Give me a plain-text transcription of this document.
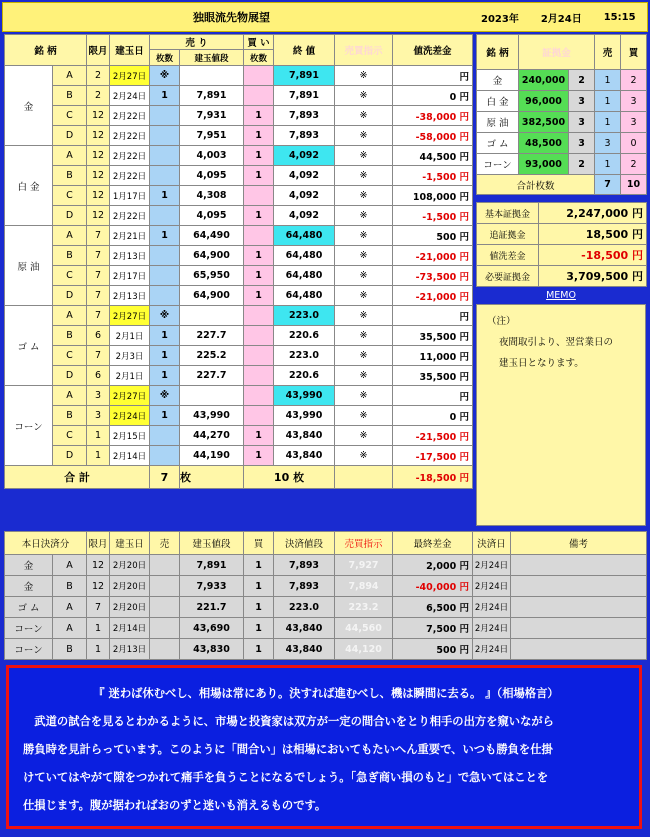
独眼流先物展望	2023年 2月24日 15:15
銘 柄		限月	建玉日	売 り		買 い	終 値	売買指示	値洗差金
				枚数	建玉値段	枚数			
金	A	2	2月27日	※			7,891	※	円
	B	2	2月24日	1	7,891		7,891	※	0 円
	C	12	2月22日		7,931	1	7,893	※	-38,000 円
	D	12	2月22日		7,951	1	7,893	※	-58,000 円
白 金	A	12	2月22日		4,003	1	4,092	※	44,500 円
	B	12	2月22日		4,095	1	4,092	※	-1,500 円
	C	12	1月17日	1	4,308		4,092	※	108,000 円
	D	12	2月22日		4,095	1	4,092	※	-1,500 円
原 油	A	7	2月21日	1	64,490		64,480	※	500 円
	B	7	2月13日		64,900	1	64,480	※	-21,000 円
	C	7	2月17日		65,950	1	64,480	※	-73,500 円
	D	7	2月13日		64,900	1	64,480	※	-21,000 円
ゴ ム	A	7	2月27日	※			223.0	※	円
	B	6	2月1日	1	227.7		220.6	※	35,500 円
	C	7	2月3日	1	225.2		223.0	※	11,000 円
	D	6	2月1日	1	227.7		220.6	※	35,500 円
コーン	A	3	2月27日	※			43,990	※	円
	B	3	2月24日	1	43,990		43,990	※	0 円
	C	1	2月15日		44,270	1	43,840	※	-21,500 円
	D	1	2月14日		44,190	1	43,840	※	-17,500 円
合 計				7	枚	10 枚			-18,500 円
銘 柄	証拠金		売	買
金	240,000	2	1	2
白 金	96,000	3	1	3
原 油	382,500	3	1	3
ゴ ム	48,500	3	3	0
コーン	93,000	2	1	2
合計枚数			7	10
基本証拠金	2,247,000 円
追証拠金	18,500 円
値洗差金	-18,500 円
必要証拠金	3,709,500 円
MEMO
（注）
夜間取引より、翌営業日の
建玉日となります。
本日決済分		限月	建玉日	売	建玉値段	買	決済値段	売買指示	最終差金	決済日	備考
金	A	12	2月20日		7,891	1	7,893	7,927	2,000 円	2月24日	
金	B	12	2月20日		7,933	1	7,893	7,894	-40,000 円	2月24日	
ゴ ム	A	7	2月20日		221.7	1	223.0	223.2	6,500 円	2月24日	
コーン	A	1	2月14日		43,690	1	43,840	44,560	7,500 円	2月24日	
コーン	B	1	2月13日		43,830	1	43,840	44,120	500 円	2月24日	

『 迷わば休むべし、相場は常にあり。決すれば進むべし、機は瞬間に去る。 』（相場格言）

　武道の試合を見るとわかるように、市場と投資家は双方が一定の間合いをとり相手の出方を窺いながら

勝負時を見計らっています。このように「間合い」は相場においてもたいへん重要で、いつも勝負を仕掛

けていてはやがて隙をつかれて痛手を負うことになるでしょう。「急ぎ商い損のもと」で急いてはことを

仕損じます。腹が据わればおのずと迷いも消えるものです。
